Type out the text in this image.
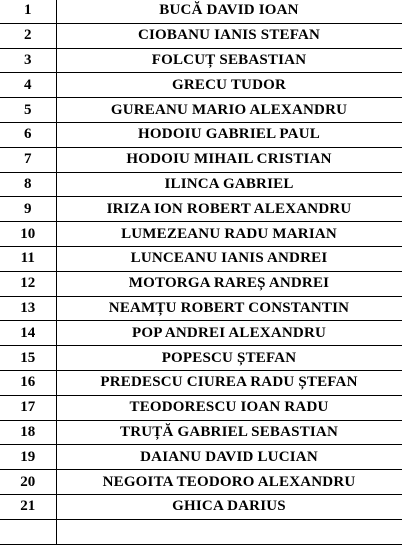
1	BUCĂ DAVID IOAN
2	CIOBANU IANIS STEFAN
3	FOLCUȚ SEBASTIAN
4	GRECU TUDOR
5	GUREANU MARIO ALEXANDRU
6	HODOIU GABRIEL PAUL
7	HODOIU MIHAIL CRISTIAN
8	ILINCA GABRIEL
9	IRIZA ION ROBERT ALEXANDRU
10	LUMEZEANU RADU MARIAN
11	LUNCEANU IANIS ANDREI
12	MOTORGA RAREȘ ANDREI
13	NEAMȚU ROBERT CONSTANTIN
14	POP ANDREI ALEXANDRU
15	POPESCU ȘTEFAN
16	PREDESCU CIUREA RADU ȘTEFAN
17	TEODORESCU IOAN RADU
18	TRUȚĂ GABRIEL SEBASTIAN
19	DAIANU DAVID LUCIAN
20	NEGOITA TEODORO ALEXANDRU
21	GHICA DARIUS
